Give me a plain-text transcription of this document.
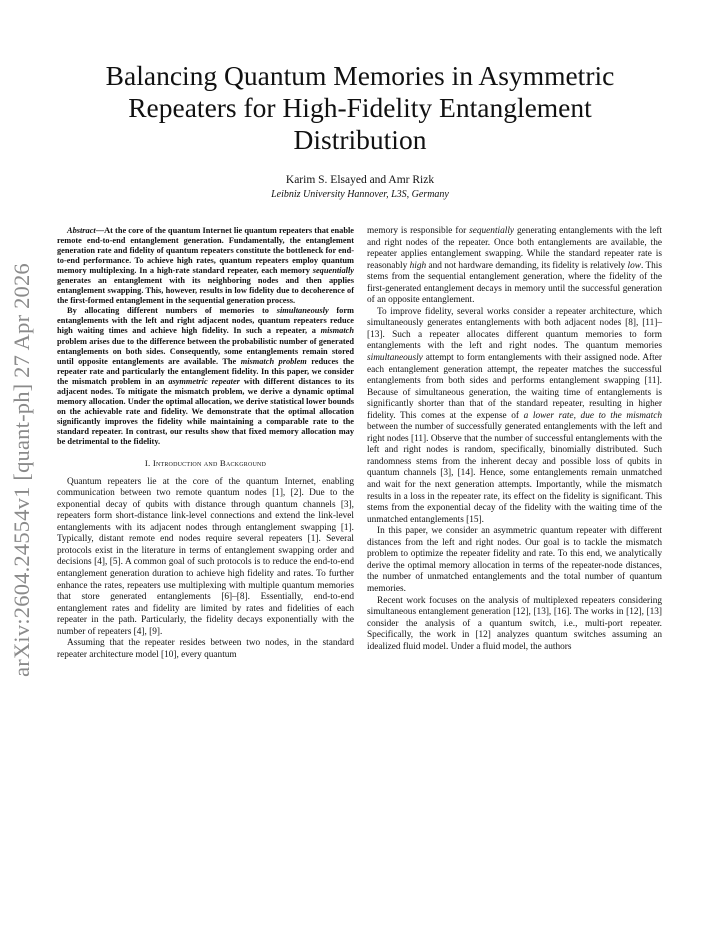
arXiv:2604.24554v1 [quant-ph] 27 Apr 2026
Balancing Quantum Memories in Asymmetric
Repeaters for High-Fidelity Entanglement
Distribution
Karim S. Elsayed and Amr Rizk
Leibniz University Hannover, L3S, Germany

Abstract—At the core of the quantum Internet lie quantum repeaters that enable remote end-to-end entanglement generation. Fundamentally, the entanglement generation rate and fidelity of quantum repeaters constitute the bottleneck for end-to-end performance. To achieve high rates, quantum repeaters employ quantum memory multiplexing. In a high-rate standard repeater, each memory sequentially generates an entanglement with its neighboring nodes and then applies entanglement swapping. This, however, results in low fidelity due to decoherence of the first-formed entanglement in the sequential generation process.

By allocating different numbers of memories to simultaneously form entanglements with the left and right adjacent nodes, quantum repeaters reduce high waiting times and achieve high fidelity. In such a repeater, a mismatch problem arises due to the difference between the probabilistic number of generated entanglements on both sides. Consequently, some entanglements remain stored until opposite entanglements are available. The mismatch problem reduces the repeater rate and particularly the entanglement fidelity. In this paper, we consider the mismatch problem in an asymmetric repeater with different distances to its adjacent nodes. To mitigate the mismatch problem, we derive a dynamic optimal memory allocation. Under the optimal allocation, we derive statistical lower bounds on the achievable rate and fidelity. We demonstrate that the optimal allocation significantly improves the fidelity while maintaining a comparable rate to the standard repeater. In contrast, our results show that fixed memory allocation may be detrimental to the fidelity.

I. Introduction and Background

Quantum repeaters lie at the core of the quantum Internet, enabling communication between two remote quantum nodes [1], [2]. Due to the exponential decay of qubits with distance through quantum channels [3], repeaters form short-distance link-level connections and extend the link-level entanglements with its adjacent nodes through entanglement swapping [1]. Typically, distant remote end nodes require several repeaters [1]. Several protocols exist in the literature in terms of entanglement swapping order and decisions [4], [5]. A common goal of such protocols is to reduce the end-to-end entanglement generation duration to achieve high fidelity and rates. To further enhance the rates, repeaters use multiplexing with multiple quantum memories that store generated entanglements [6]–[8]. Essentially, end-to-end entanglement rates and fidelity are limited by rates and fidelities of each repeater in the path. Particularly, the fidelity decays exponentially with the number of repeaters [4], [9].

Assuming that the repeater resides between two nodes, in the standard repeater architecture model [10], every quantum

memory is responsible for sequentially generating entanglements with the left and right nodes of the repeater. Once both entanglements are available, the repeater applies entanglement swapping. While the standard repeater rate is reasonably high and not hardware demanding, its fidelity is relatively low. This stems from the sequential entanglement generation, where the fidelity of the first-generated entanglement decays in memory until the successful generation of an opposite entanglement.

To improve fidelity, several works consider a repeater architecture, which simultaneously generates entanglements with both adjacent nodes [8], [11]–[13]. Such a repeater allocates different quantum memories to form entanglements with the left and right nodes. The quantum memories simultaneously attempt to form entanglements with their assigned node. After each entanglement generation attempt, the repeater matches the successful entanglements from both sides and performs entanglement swapping [11]. Because of simultaneous generation, the waiting time of entanglements is significantly shorter than that of the standard repeater, resulting in higher fidelity. This comes at the expense of a lower rate, due to the mismatch between the number of successfully generated entanglements with the left and right nodes [11]. Observe that the number of successful entanglements with the left and right nodes is random, specifically, binomially distributed. Such randomness stems from the inherent decay and possible loss of qubits in quantum channels [3], [14]. Hence, some entanglements remain unmatched and wait for the next generation attempts. Importantly, while the mismatch results in a loss in the repeater rate, its effect on the fidelity is significant. This stems from the exponential decay of the fidelity with the waiting time of the unmatched entanglements [15].

In this paper, we consider an asymmetric quantum repeater with different distances from the left and right nodes. Our goal is to tackle the mismatch problem to optimize the repeater fidelity and rate. To this end, we analytically derive the optimal memory allocation in terms of the repeater-node distances, the number of unmatched entanglements and the total number of quantum memories.

Recent work focuses on the analysis of multiplexed repeaters considering simultaneous entanglement generation [12], [13], [16]. The works in [12], [13] consider the analysis of a quantum switch, i.e., multi-port repeater. Specifically, the work in [12] analyzes quantum switches assuming an idealized fluid model. Under a fluid model, the authors
